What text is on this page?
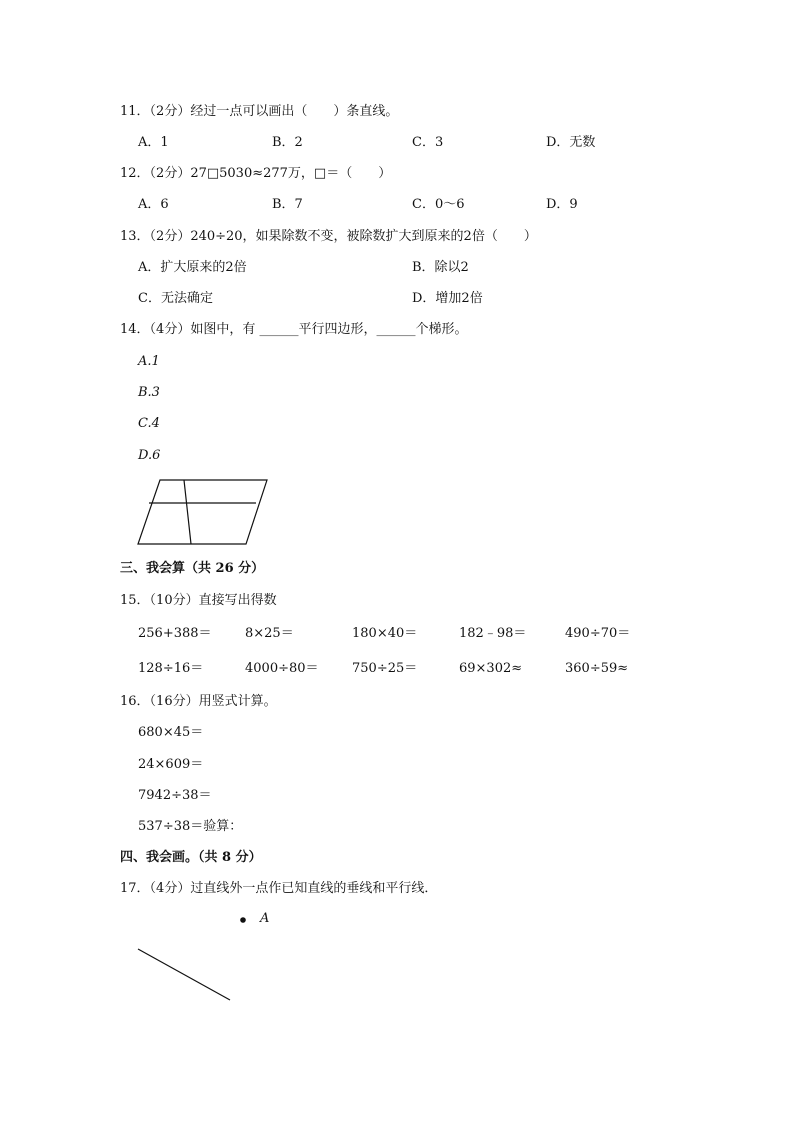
11．（2分）经过一点可以画出（　　）条直线。
A．1	B．2	C．3	D．无数
12．（2分）27□5030≈277万，□＝（　　）
A．6	B．7	C．0～6	D．9
13．（2分）240÷20，如果除数不变，被除数扩大到原来的2倍（　　）
A．扩大原来的2倍	B．除以2
C．无法确定	D．增加2倍
14．（4分）如图中，有 ______平行四边形，______个梯形。
A.1
B.3
C.4
D.6
三、我会算（共 26 分）
15．（10分）直接写出得数
256+388＝	8×25＝	180×40＝	182﹣98＝	490÷70＝
128÷16＝	4000÷80＝	750÷25＝	69×302≈	360÷59≈
16．（16分）用竖式计算。
680×45＝
24×609＝
7942÷38＝
537÷38＝验算：
四、我会画。（共 8 分）
17．（4分）过直线外一点作已知直线的垂线和平行线．
A
